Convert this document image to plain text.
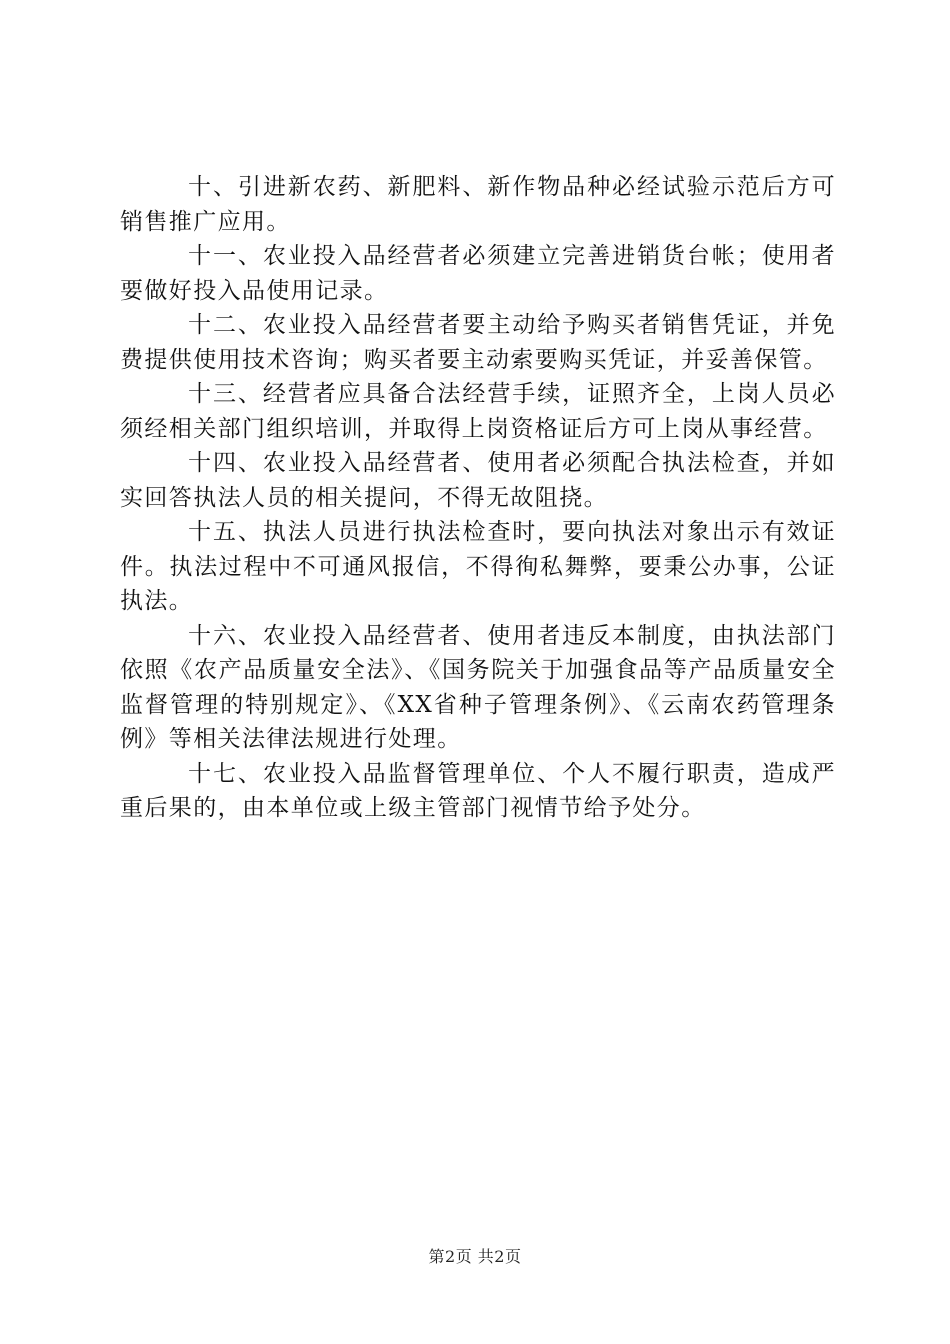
十、引进新农药、新肥料、新作物品种必经试验示范后方可销售推广应用。

十一、农业投入品经营者必须建立完善进销货台帐；使用者要做好投入品使用记录。

十二、农业投入品经营者要主动给予购买者销售凭证，并免费提供使用技术咨询；购买者要主动索要购买凭证，并妥善保管。

十三、经营者应具备合法经营手续，证照齐全，上岗人员必须经相关部门组织培训，并取得上岗资格证后方可上岗从事经营。

十四、农业投入品经营者、使用者必须配合执法检查，并如实回答执法人员的相关提问，不得无故阻挠。

十五、执法人员进行执法检查时，要向执法对象出示有效证件。执法过程中不可通风报信，不得徇私舞弊，要秉公办事，公证执法。

十六、农业投入品经营者、使用者违反本制度，由执法部门依照《农产品质量安全法》、《国务院关于加强食品等产品质量安全监督管理的特别规定》、《XX省种子管理条例》、《云南农药管理条例》等相关法律法规进行处理。

十七、农业投入品监督管理单位、个人不履行职责，造成严重后果的，由本单位或上级主管部门视情节给予处分。

第2页 共2页
